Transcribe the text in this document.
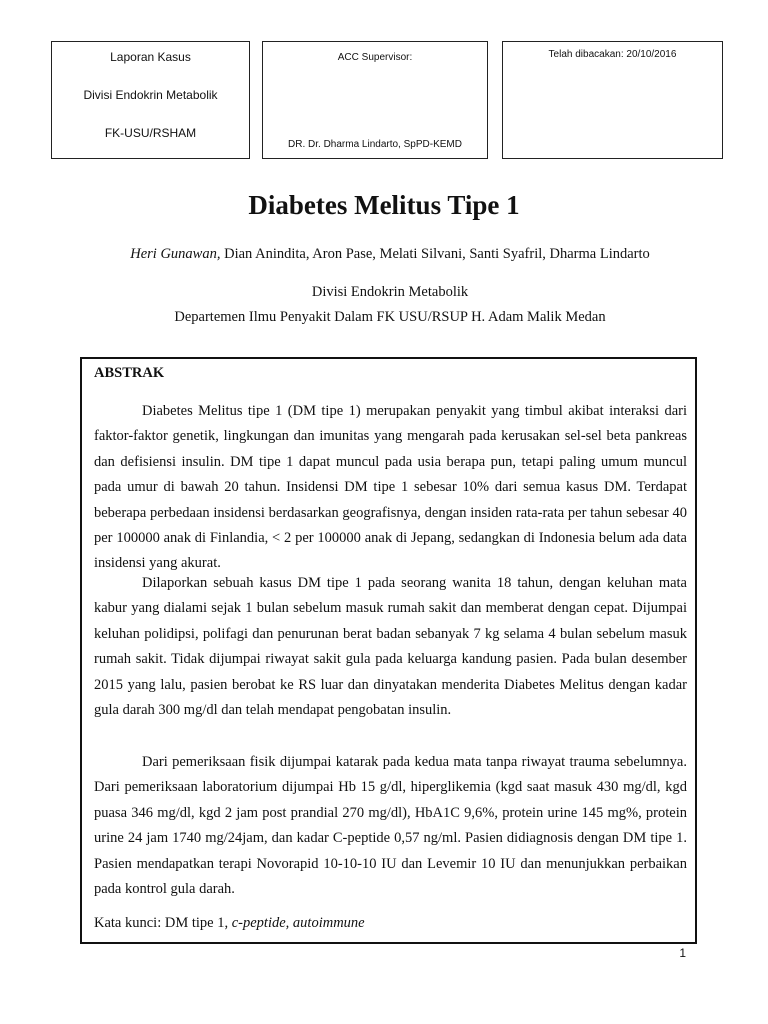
Laporan Kasus
Divisi Endokrin Metabolik
FK-USU/RSHAM
ACC Supervisor:
DR. Dr. Dharma Lindarto, SpPD-KEMD
Telah dibacakan: 20/10/2016
Diabetes Melitus Tipe 1
Heri Gunawan, Dian Anindita, Aron Pase, Melati Silvani, Santi Syafril, Dharma Lindarto
Divisi Endokrin Metabolik
Departemen Ilmu Penyakit Dalam FK USU/RSUP H. Adam Malik Medan
ABSTRAK

Diabetes Melitus tipe 1 (DM tipe 1) merupakan penyakit yang timbul akibat interaksi dari faktor-faktor genetik, lingkungan dan imunitas yang mengarah pada kerusakan sel-sel beta pankreas dan defisiensi insulin. DM tipe 1 dapat muncul pada usia berapa pun, tetapi paling umum muncul pada umur di bawah 20 tahun. Insidensi DM tipe 1 sebesar 10% dari semua kasus DM. Terdapat beberapa perbedaan insidensi berdasarkan geografisnya, dengan insiden rata-rata per tahun sebesar 40 per 100000 anak di Finlandia, < 2 per 100000 anak di Jepang, sedangkan di Indonesia belum ada data insidensi yang akurat.

Dilaporkan sebuah kasus DM tipe 1 pada seorang wanita 18 tahun, dengan keluhan mata kabur yang dialami sejak 1 bulan sebelum masuk rumah sakit dan memberat dengan cepat. Dijumpai keluhan polidipsi, polifagi dan penurunan berat badan sebanyak 7 kg selama 4 bulan sebelum masuk rumah sakit. Tidak dijumpai riwayat sakit gula pada keluarga kandung pasien. Pada bulan desember 2015 yang lalu, pasien berobat ke RS luar dan dinyatakan menderita Diabetes Melitus dengan kadar gula darah 300 mg/dl dan telah mendapat pengobatan insulin.

Dari pemeriksaan fisik dijumpai katarak pada kedua mata tanpa riwayat trauma sebelumnya. Dari pemeriksaan laboratorium dijumpai Hb 15 g/dl, hiperglikemia (kgd saat masuk 430 mg/dl, kgd puasa 346 mg/dl, kgd 2 jam post prandial 270 mg/dl), HbA1C 9,6%, protein urine 145 mg%, protein urine 24 jam 1740 mg/24jam, dan kadar C-peptide 0,57 ng/ml. Pasien didiagnosis dengan DM tipe 1. Pasien mendapatkan terapi Novorapid 10-10-10 IU dan Levemir 10 IU dan menunjukkan perbaikan pada kontrol gula darah.

Kata kunci: DM tipe 1, c-peptide, autoimmune
1
